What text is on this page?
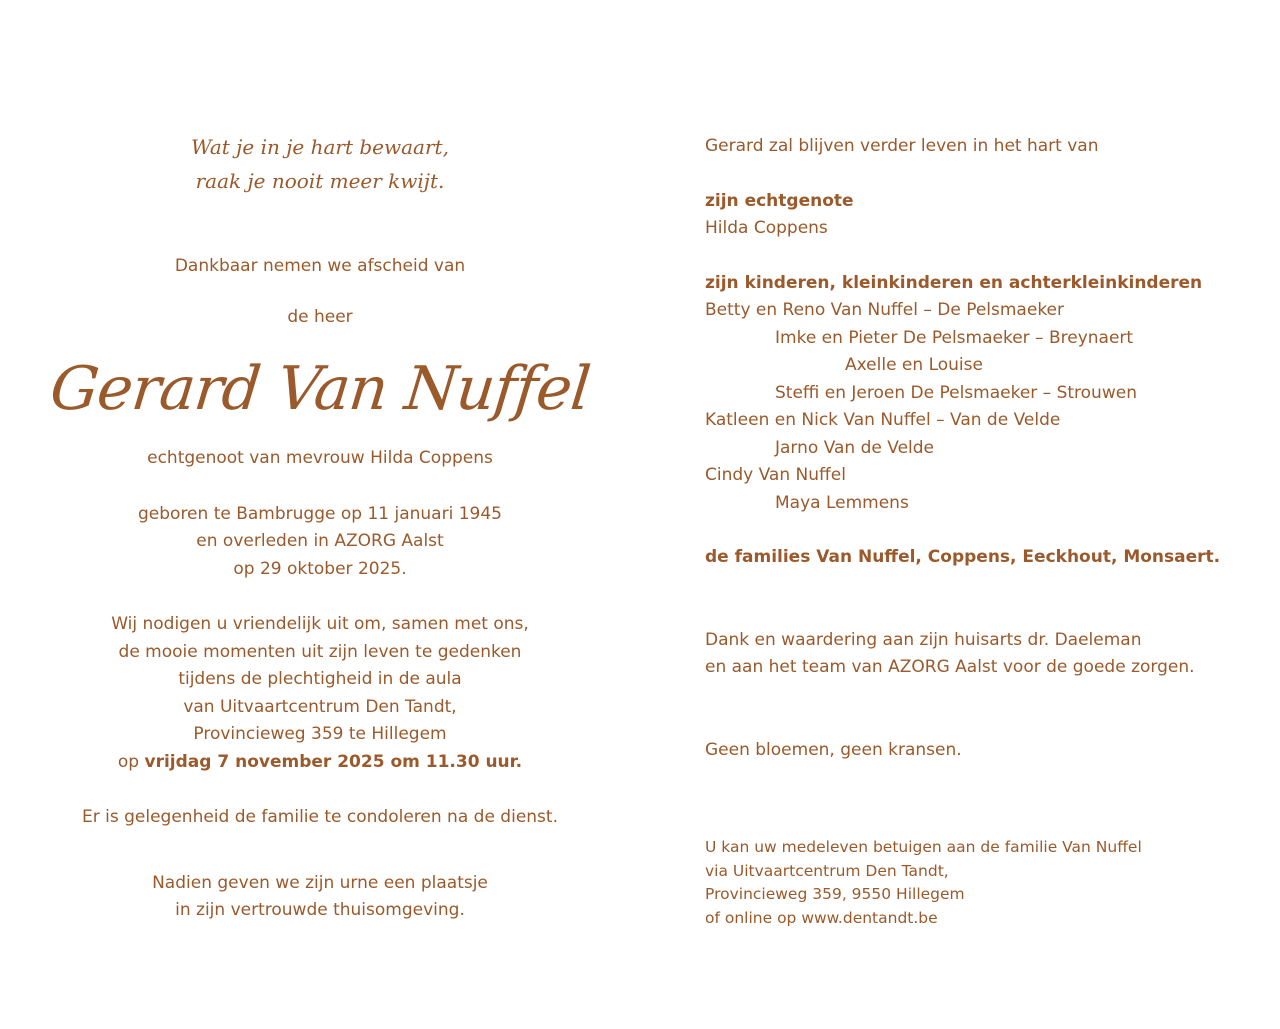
Wat je in je hart bewaart,
raak je nooit meer kwijt.
Dankbaar nemen we afscheid van
de heer
Gerard Van Nuffel
echtgenoot van mevrouw Hilda Coppens
geboren te Bambrugge op 11 januari 1945
en overleden in AZORG Aalst
op 29 oktober 2025.
Wij nodigen u vriendelijk uit om, samen met ons,
de mooie momenten uit zijn leven te gedenken
tijdens de plechtigheid in de aula
van Uitvaartcentrum Den Tandt,
Provincieweg 359 te Hillegem
op vrijdag 7 november 2025 om 11.30 uur.
Er is gelegenheid de familie te condoleren na de dienst.
Nadien geven we zijn urne een plaatsje
in zijn vertrouwde thuisomgeving.
Gerard zal blijven verder leven in het hart van
zijn echtgenote
Hilda Coppens
zijn kinderen, kleinkinderen en achterkleinkinderen
Betty en Reno Van Nuffel – De Pelsmaeker
Imke en Pieter De Pelsmaeker – Breynaert
Axelle en Louise
Steffi en Jeroen De Pelsmaeker – Strouwen
Katleen en Nick Van Nuffel – Van de Velde
Jarno Van de Velde
Cindy Van Nuffel
Maya Lemmens
de families Van Nuffel, Coppens, Eeckhout, Monsaert.
Dank en waardering aan zijn huisarts dr. Daeleman
en aan het team van AZORG Aalst voor de goede zorgen.
Geen bloemen, geen kransen.
U kan uw medeleven betuigen aan de familie Van Nuffel
via Uitvaartcentrum Den Tandt,
Provincieweg 359, 9550 Hillegem
of online op www.dentandt.be
